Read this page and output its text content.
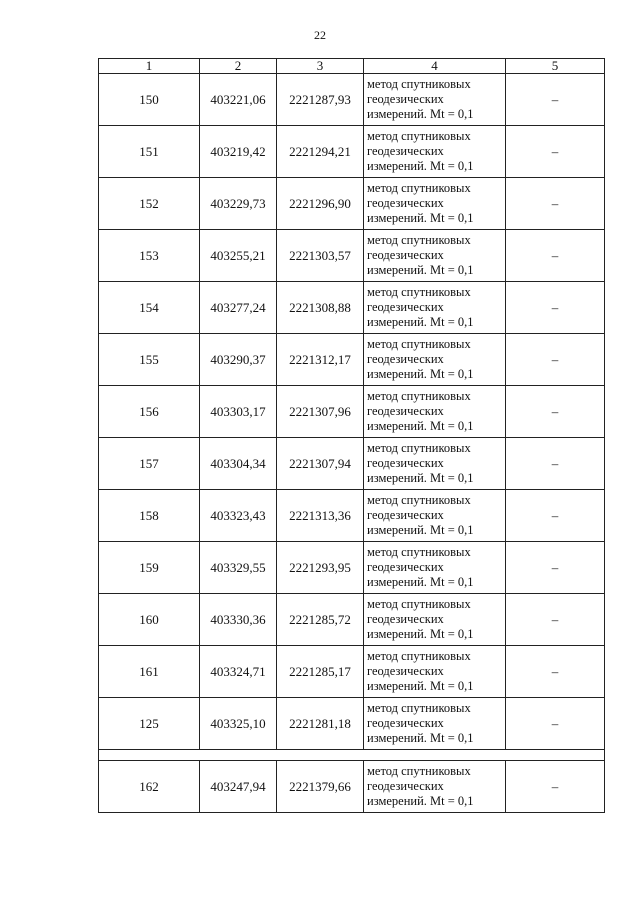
22
1	2	3	4	5
150	403221,06	2221287,93	метод спутниковых
геодезических
измерений. Mt = 0,1	–
151	403219,42	2221294,21	метод спутниковых
геодезических
измерений. Mt = 0,1	–
152	403229,73	2221296,90	метод спутниковых
геодезических
измерений. Mt = 0,1	–
153	403255,21	2221303,57	метод спутниковых
геодезических
измерений. Mt = 0,1	–
154	403277,24	2221308,88	метод спутниковых
геодезических
измерений. Mt = 0,1	–
155	403290,37	2221312,17	метод спутниковых
геодезических
измерений. Mt = 0,1	–
156	403303,17	2221307,96	метод спутниковых
геодезических
измерений. Mt = 0,1	–
157	403304,34	2221307,94	метод спутниковых
геодезических
измерений. Mt = 0,1	–
158	403323,43	2221313,36	метод спутниковых
геодезических
измерений. Mt = 0,1	–
159	403329,55	2221293,95	метод спутниковых
геодезических
измерений. Mt = 0,1	–
160	403330,36	2221285,72	метод спутниковых
геодезических
измерений. Mt = 0,1	–
161	403324,71	2221285,17	метод спутниковых
геодезических
измерений. Mt = 0,1	–
125	403325,10	2221281,18	метод спутниковых
геодезических
измерений. Mt = 0,1	–

162	403247,94	2221379,66	метод спутниковых
геодезических
измерений. Mt = 0,1	–
